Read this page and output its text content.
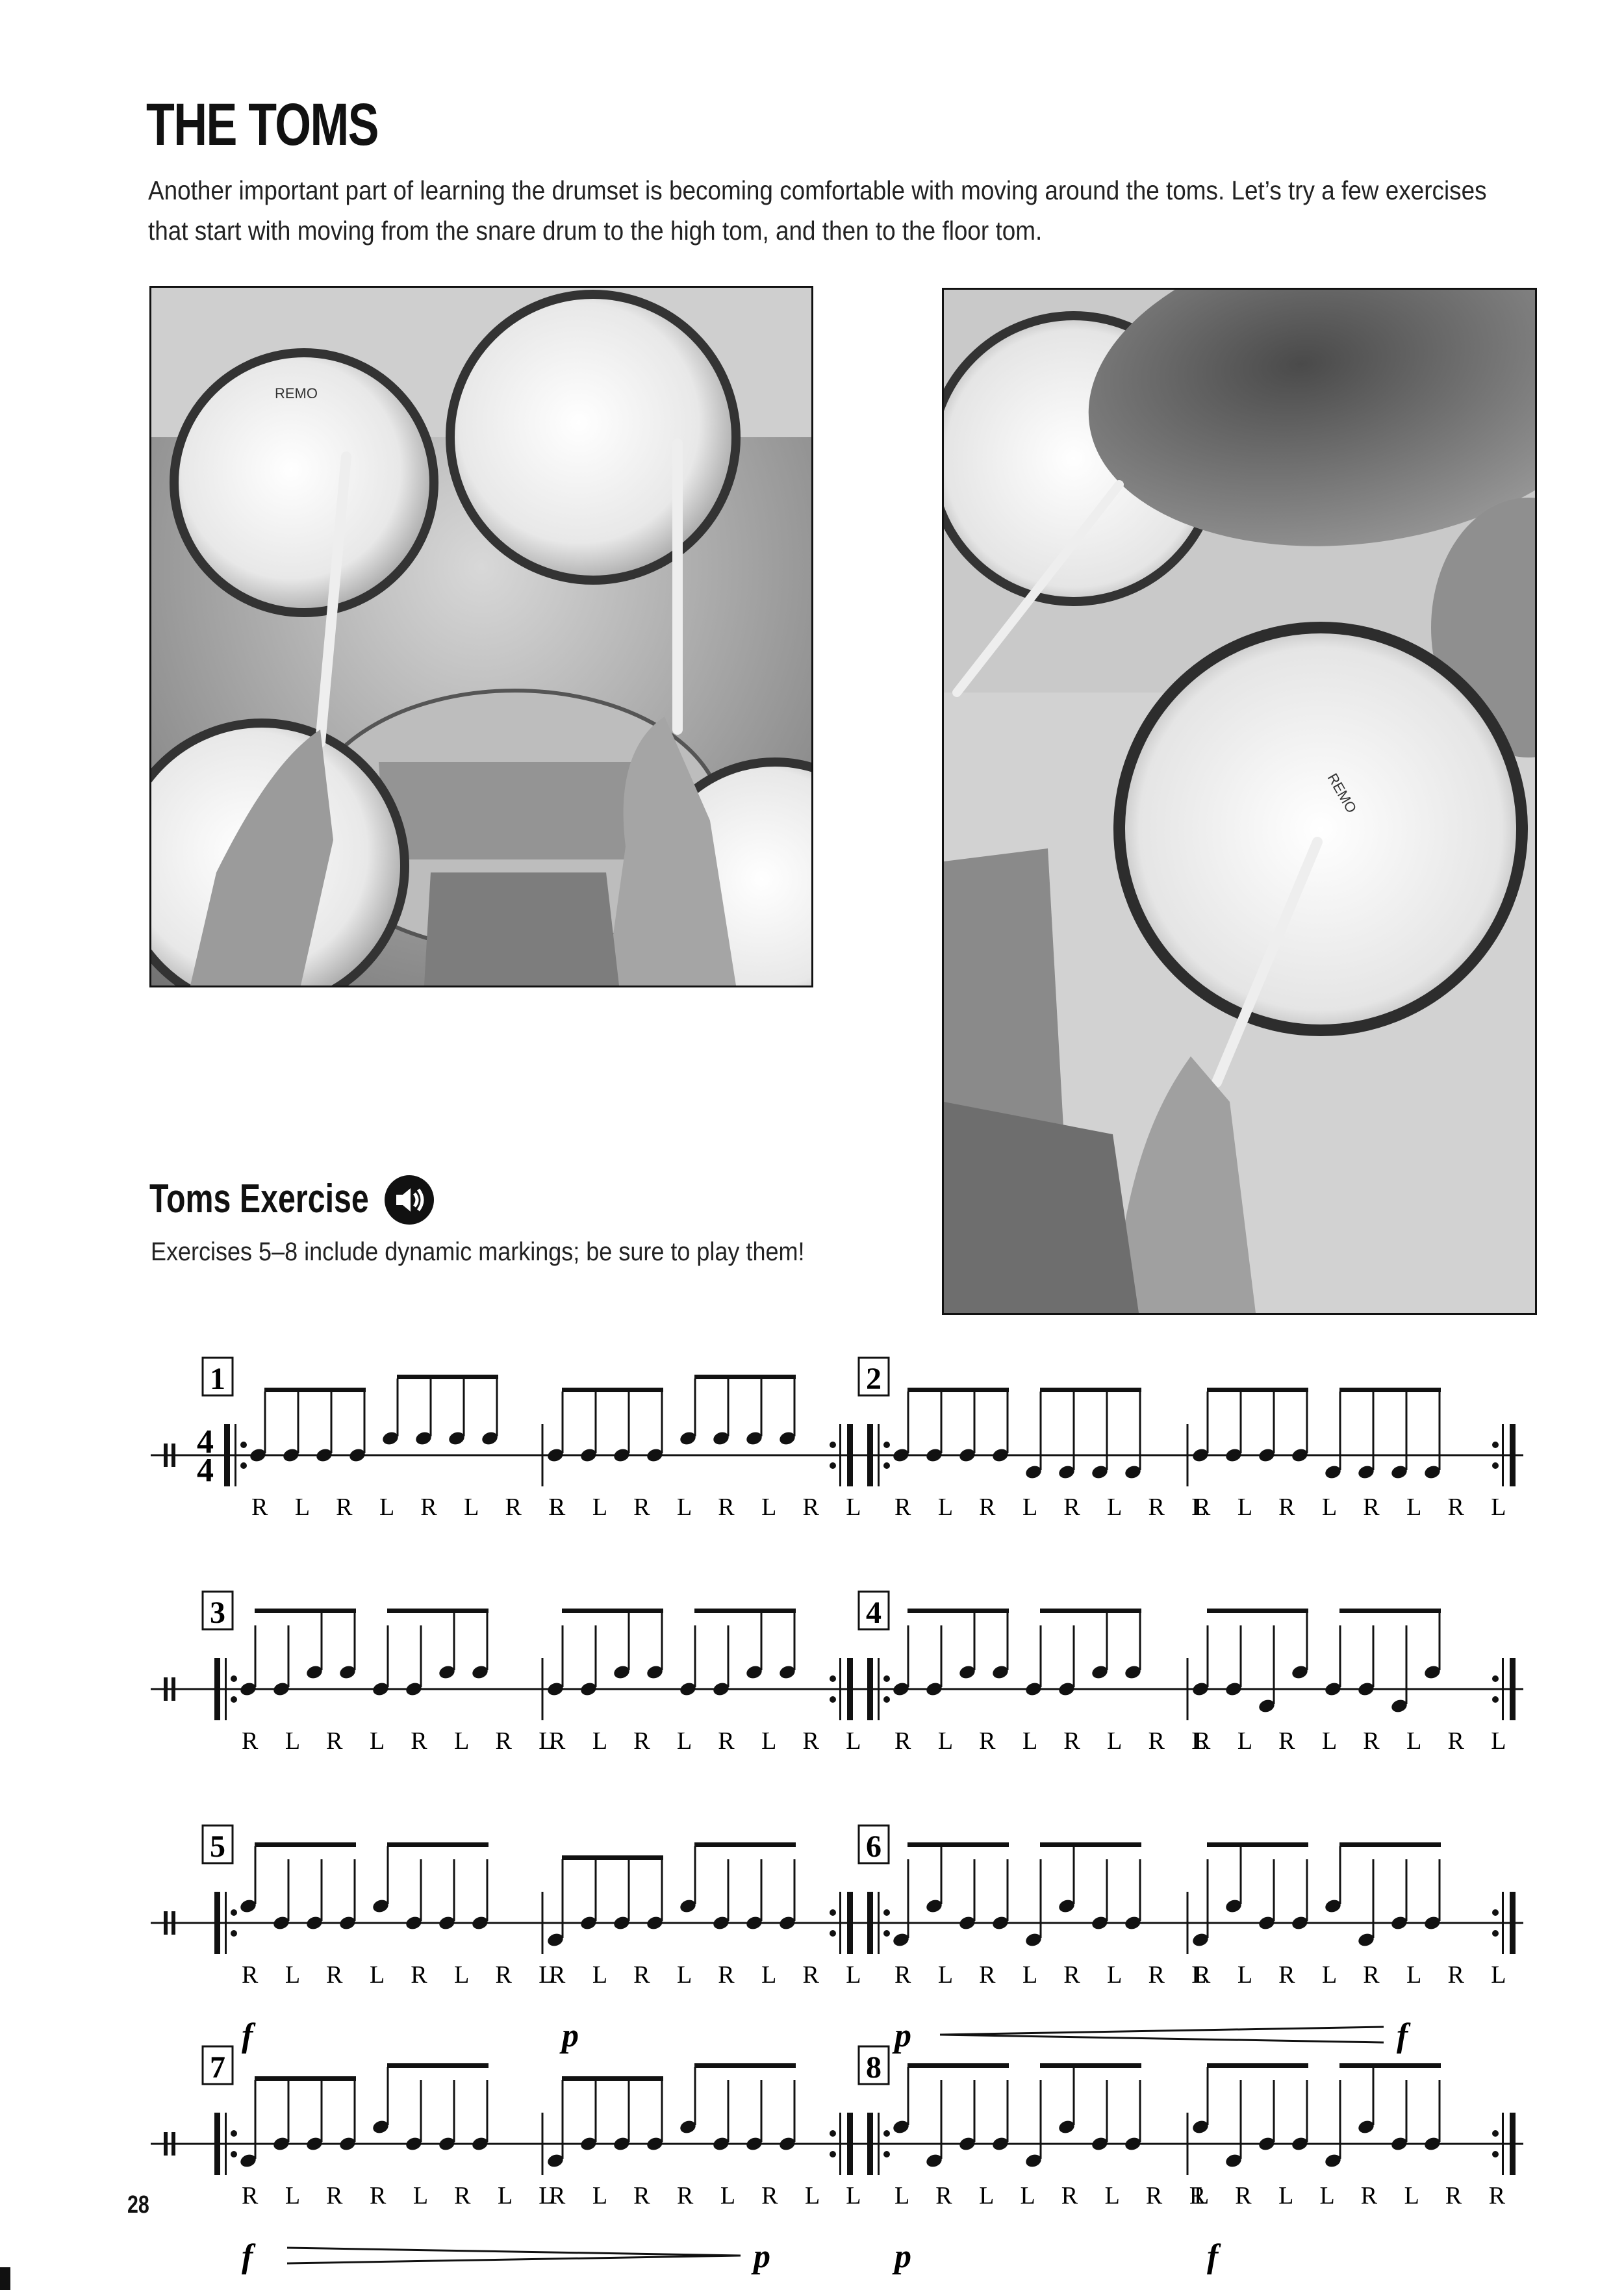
THE TOMS
Another important part of learning the drumset is becoming comfortable with moving around the toms. Let’s try a few exercises that start with moving from the snare drum to the high tom, and then to the floor tom.
REMO
REMO
Toms Exercise
Exercises 5–8 include dynamic markings; be sure to play them!
1
4
4
R L R L R L R L
R L R L R L R L
2
R L R L R L R L
R L R L R L R L
3
R L R L R L R L
R L R L R L R L
4
R L R L R L R L
R L R L R L R L
5
R L R L R L R L
R L R L R L R L
f	p
6
R L R L R L R L
R L R L R L R L
p	f
7
R L R R L R L L
R L R R L R L L
f	p
8
L R L L R L R R
L R L L R L R R
p	f
28
